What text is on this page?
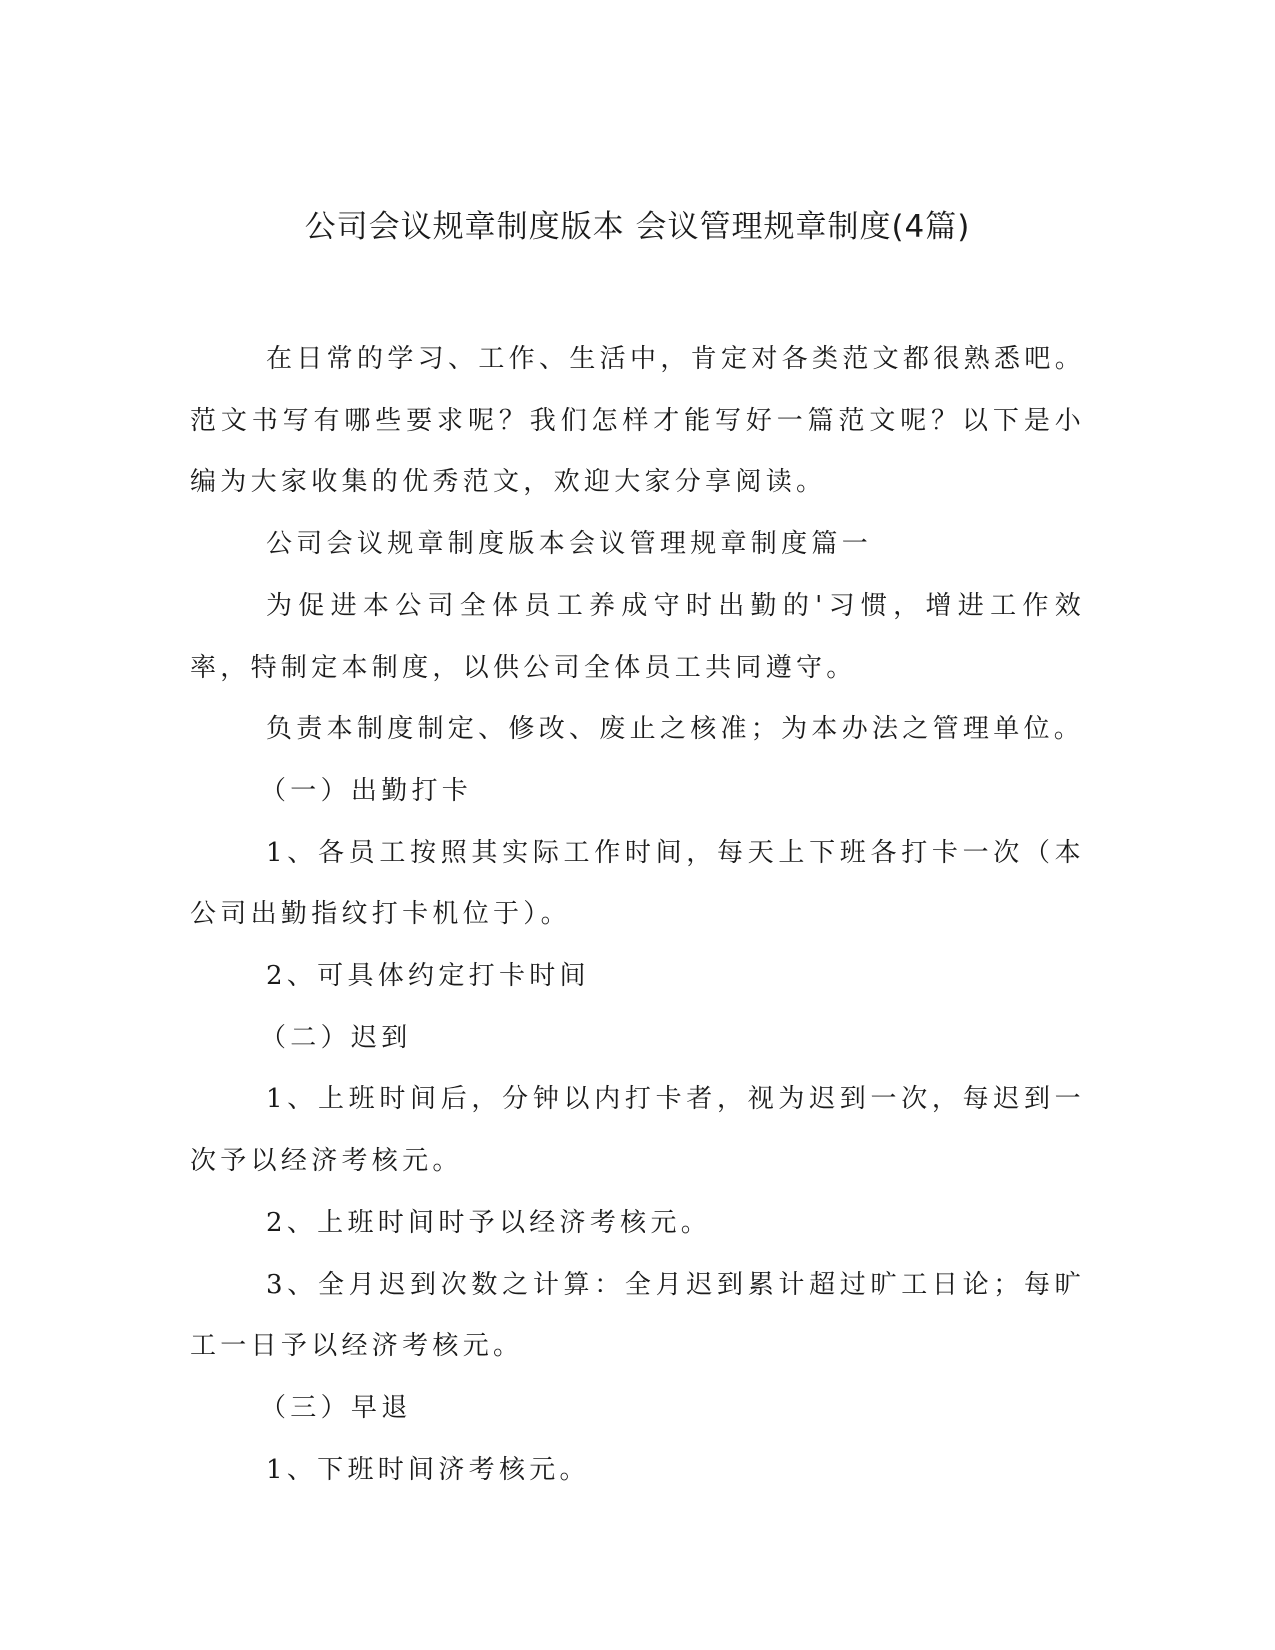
公司会议规章制度版本 会议管理规章制度(4篇)

在日常的学习、工作、生活中，肯定对各类范文都很熟悉吧。范文书写有哪些要求呢？我们怎样才能写好一篇范文呢？以下是小编为大家收集的优秀范文，欢迎大家分享阅读。

公司会议规章制度版本会议管理规章制度篇一

为促进本公司全体员工养成守时出勤的'习惯，增进工作效率，特制定本制度，以供公司全体员工共同遵守。

负责本制度制定、修改、废止之核准；为本办法之管理单位。

（一）出勤打卡

1、各员工按照其实际工作时间，每天上下班各打卡一次（本公司出勤指纹打卡机位于）。

2、可具体约定打卡时间

（二）迟到

1、上班时间后，分钟以内打卡者，视为迟到一次，每迟到一次予以经济考核元。

2、上班时间时予以经济考核元。

3、全月迟到次数之计算：全月迟到累计超过旷工日论；每旷工一日予以经济考核元。

（三）早退

1、下班时间济考核元。
